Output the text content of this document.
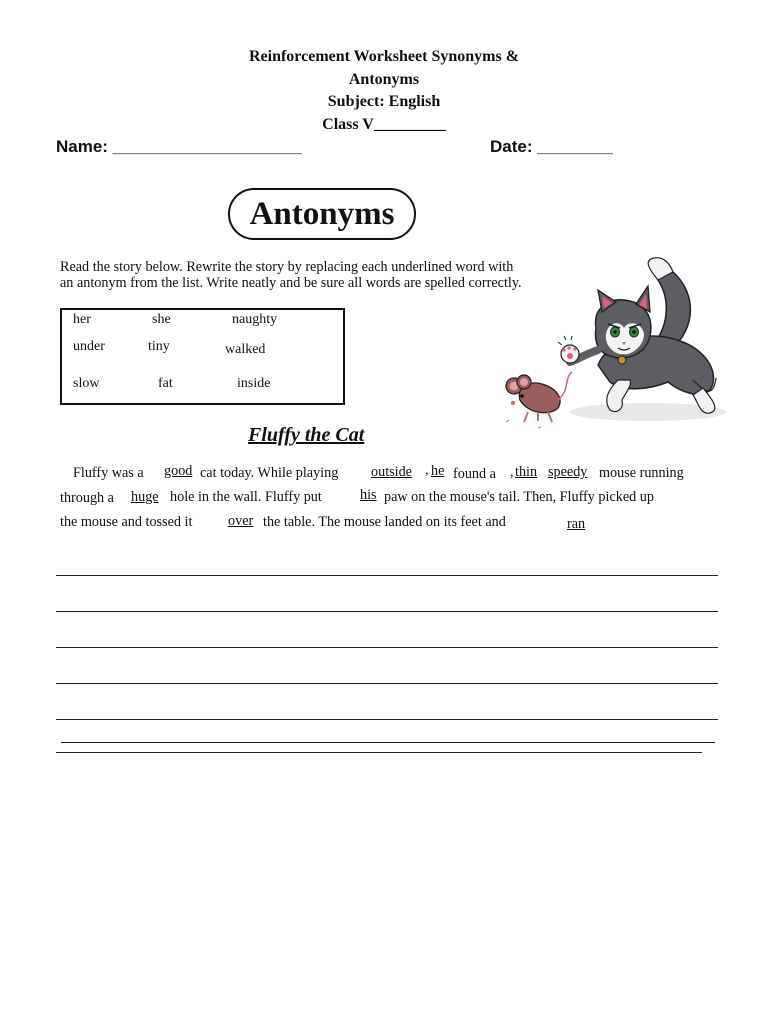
Reinforcement Worksheet Synonyms &
Antonyms
Subject: English
Class V_________
Name: ____________________	Date: ________
Antonyms
Read the story below. Rewrite the story by replacing each underlined word with
an antonym from the list. Write neatly and be sure all words are spelled correctly.
her	she	naughty
under	tiny	walked
slow	fat	inside
Fluffy the Cat
Fluffy was a good cat today. While playing outside , he found a , thin speedy mouse running
through a huge hole in the wall. Fluffy put	his paw on the mouse's tail. Then, Fluffy picked up
the mouse and tossed it	over the table. The mouse landed on its feet and	ran
